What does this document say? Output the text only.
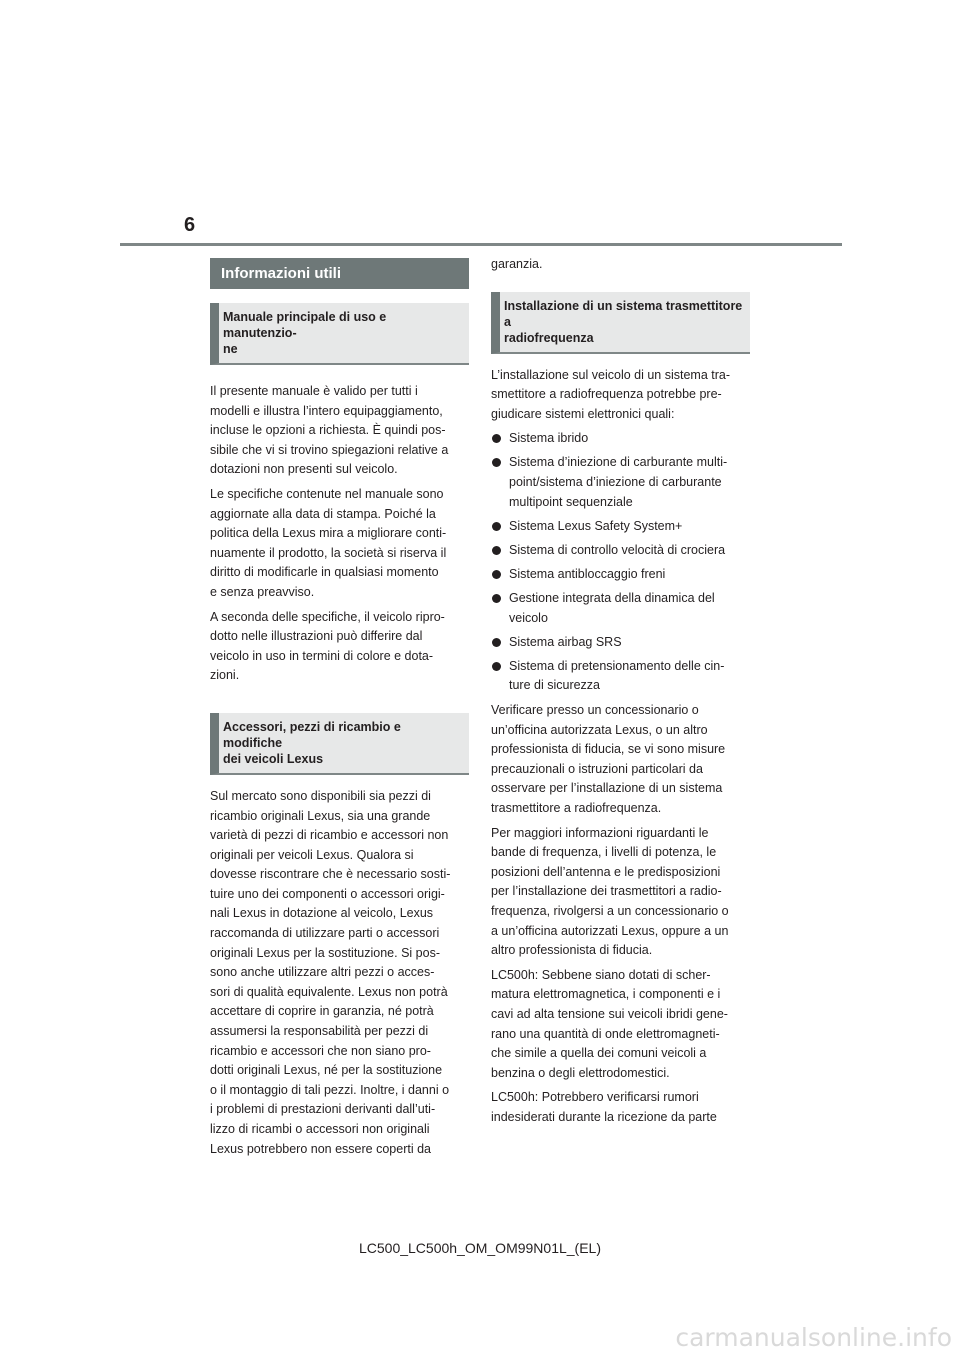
6
Informazioni utili
Manuale principale di uso e manutenzio-
ne

Il presente manuale è valido per tutti i
modelli e illustra l’intero equipaggiamento,
incluse le opzioni a richiesta. È quindi pos-
sibile che vi si trovino spiegazioni relative a
dotazioni non presenti sul veicolo.

Le specifiche contenute nel manuale sono
aggiornate alla data di stampa. Poiché la
politica della Lexus mira a migliorare conti-
nuamente il prodotto, la società si riserva il
diritto di modificarle in qualsiasi momento
e senza preavviso.

A seconda delle specifiche, il veicolo ripro-
dotto nelle illustrazioni può differire dal
veicolo in uso in termini di colore e dota-
zioni.

Accessori, pezzi di ricambio e modifiche
dei veicoli Lexus

Sul mercato sono disponibili sia pezzi di
ricambio originali Lexus, sia una grande
varietà di pezzi di ricambio e accessori non
originali per veicoli Lexus. Qualora si
dovesse riscontrare che è necessario sosti-
tuire uno dei componenti o accessori origi-
nali Lexus in dotazione al veicolo, Lexus
raccomanda di utilizzare parti o accessori
originali Lexus per la sostituzione. Si pos-
sono anche utilizzare altri pezzi o acces-
sori di qualità equivalente. Lexus non potrà
accettare di coprire in garanzia, né potrà
assumersi la responsabilità per pezzi di
ricambio e accessori che non siano pro-
dotti originali Lexus, né per la sostituzione
o il montaggio di tali pezzi. Inoltre, i danni o
i problemi di prestazioni derivanti dall’uti-
lizzo di ricambi o accessori non originali
Lexus potrebbero non essere coperti da

garanzia.

Installazione di un sistema trasmettitore a
radiofrequenza

L’installazione sul veicolo di un sistema tra-
smettitore a radiofrequenza potrebbe pre-
giudicare sistemi elettronici quali:

Sistema ibrido
Sistema d’iniezione di carburante multi-
point/sistema d’iniezione di carburante
multipoint sequenziale
Sistema Lexus Safety System+
Sistema di controllo velocità di crociera
Sistema antibloccaggio freni
Gestione integrata della dinamica del
veicolo
Sistema airbag SRS
Sistema di pretensionamento delle cin-
ture di sicurezza

Verificare presso un concessionario o
un’officina autorizzata Lexus, o un altro
professionista di fiducia, se vi sono misure
precauzionali o istruzioni particolari da
osservare per l’installazione di un sistema
trasmettitore a radiofrequenza.

Per maggiori informazioni riguardanti le
bande di frequenza, i livelli di potenza, le
posizioni dell’antenna e le predisposizioni
per l’installazione dei trasmettitori a radio-
frequenza, rivolgersi a un concessionario o
a un’officina autorizzati Lexus, oppure a un
altro professionista di fiducia.

LC500h: Sebbene siano dotati di scher-
matura elettromagnetica, i componenti e i
cavi ad alta tensione sui veicoli ibridi gene-
rano una quantità di onde elettromagneti-
che simile a quella dei comuni veicoli a
benzina o degli elettrodomestici.

LC500h: Potrebbero verificarsi rumori
indesiderati durante la ricezione da parte

LC500_LC500h_OM_OM99N01L_(EL)
carmanualsonline.info
